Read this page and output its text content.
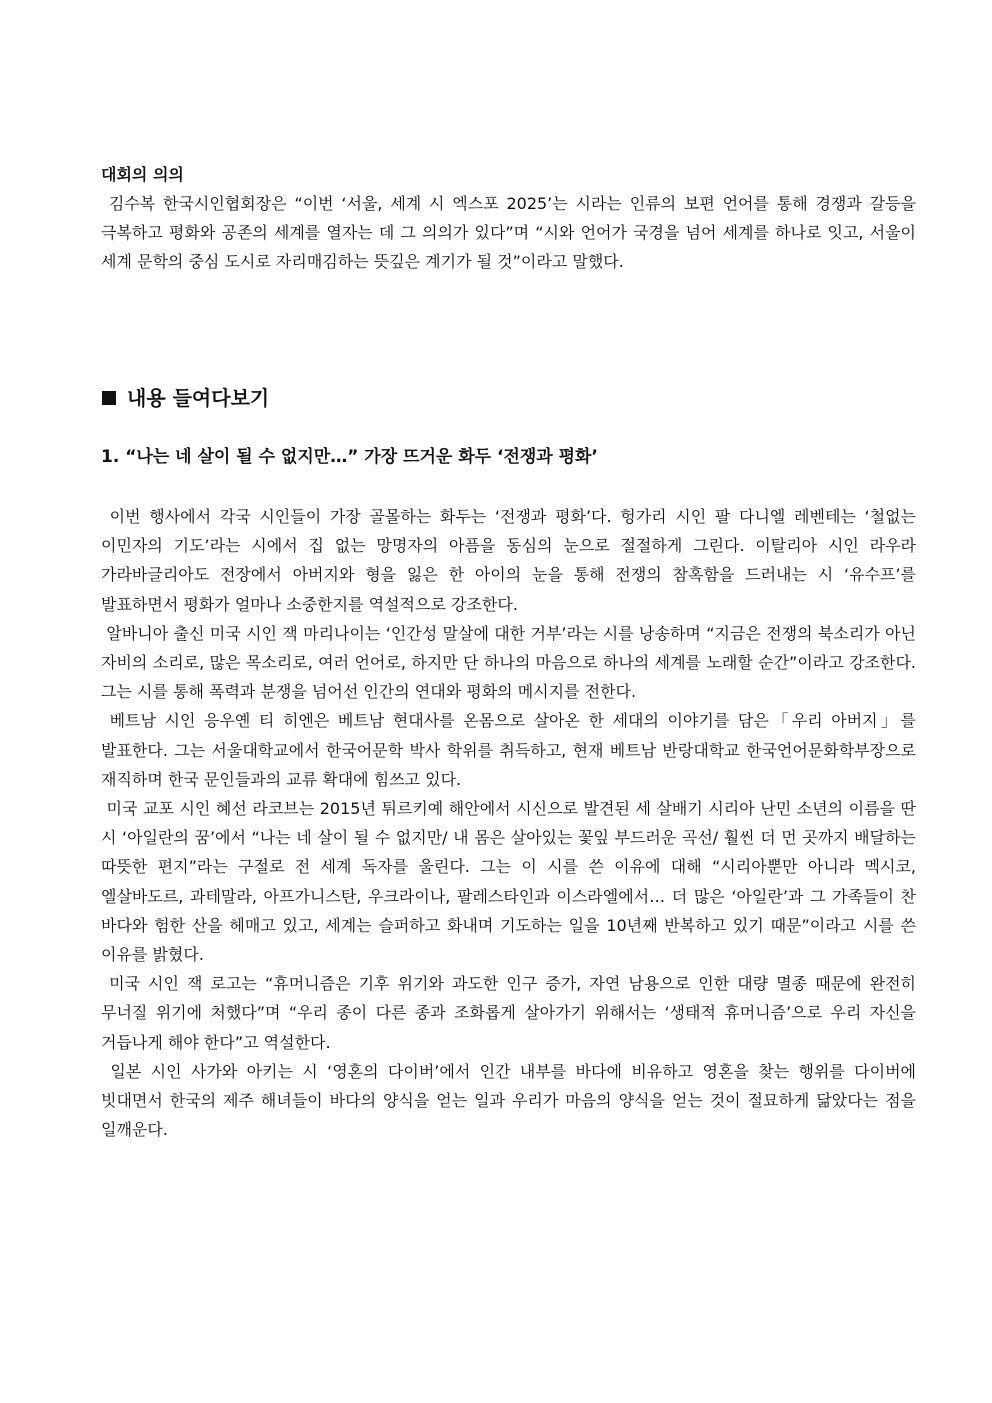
대회의 의의

김수복 한국시인협회장은 “이번 ‘서울, 세계 시 엑스포 2025’는 시라는 인류의 보편 언어를 통해 경쟁과 갈등을 극복하고 평화와 공존의 세계를 열자는 데 그 의의가 있다”며 “시와 언어가 국경을 넘어 세계를 하나로 잇고, 서울이 세계 문학의 중심 도시로 자리매김하는 뜻깊은 계기가 될 것”이라고 말했다.

내용 들여다보기

1. “나는 네 살이 될 수 없지만…” 가장 뜨거운 화두 ‘전쟁과 평화’

이번 행사에서 각국 시인들이 가장 골몰하는 화두는 ‘전쟁과 평화’다. 헝가리 시인 팔 다니엘 레벤테는 ‘철없는 이민자의 기도’라는 시에서 집 없는 망명자의 아픔을 동심의 눈으로 절절하게 그린다. 이탈리아 시인 라우라 가라바글리아도 전장에서 아버지와 형을 잃은 한 아이의 눈을 통해 전쟁의 참혹함을 드러내는 시 ‘유수프’를 발표하면서 평화가 얼마나 소중한지를 역설적으로 강조한다.

알바니아 출신 미국 시인 잭 마리나이는 ‘인간성 말살에 대한 거부’라는 시를 낭송하며 “지금은 전쟁의 북소리가 아닌 자비의 소리로, 많은 목소리로, 여러 언어로, 하지만 단 하나의 마음으로 하나의 세계를 노래할 순간”이라고 강조한다. 그는 시를 통해 폭력과 분쟁을 넘어선 인간의 연대와 평화의 메시지를 전한다.

베트남 시인 응우옌 티 히엔은 베트남 현대사를 온몸으로 살아온 한 세대의 이야기를 담은「우리 아버지」를 발표한다. 그는 서울대학교에서 한국어문학 박사 학위를 취득하고, 현재 베트남 반랑대학교 한국언어문화학부장으로 재직하며 한국 문인들과의 교류 확대에 힘쓰고 있다.

미국 교포 시인 혜선 라코브는 2015년 튀르키예 해안에서 시신으로 발견된 세 살배기 시리아 난민 소년의 이름을 딴 시 ‘아일란의 꿈’에서 “나는 네 살이 될 수 없지만/ 내 몸은 살아있는 꽃잎 부드러운 곡선/ 훨씬 더 먼 곳까지 배달하는 따뜻한 편지”라는 구절로 전 세계 독자를 울린다. 그는 이 시를 쓴 이유에 대해 “시리아뿐만 아니라 멕시코, 엘살바도르, 과테말라, 아프가니스탄, 우크라이나, 팔레스타인과 이스라엘에서… 더 많은 ‘아일란’과 그 가족들이 찬 바다와 험한 산을 헤매고 있고, 세계는 슬퍼하고 화내며 기도하는 일을 10년째 반복하고 있기 때문”이라고 시를 쓴 이유를 밝혔다.

미국 시인 잭 로고는 “휴머니즘은 기후 위기와 과도한 인구 증가, 자연 남용으로 인한 대량 멸종 때문에 완전히 무너질 위기에 처했다”며 “우리 종이 다른 종과 조화롭게 살아가기 위해서는 ‘생태적 휴머니즘’으로 우리 자신을 거듭나게 해야 한다”고 역설한다.

일본 시인 사가와 아키는 시 ‘영혼의 다이버’에서 인간 내부를 바다에 비유하고 영혼을 찾는 행위를 다이버에 빗대면서 한국의 제주 해녀들이 바다의 양식을 얻는 일과 우리가 마음의 양식을 얻는 것이 절묘하게 닮았다는 점을 일깨운다.
